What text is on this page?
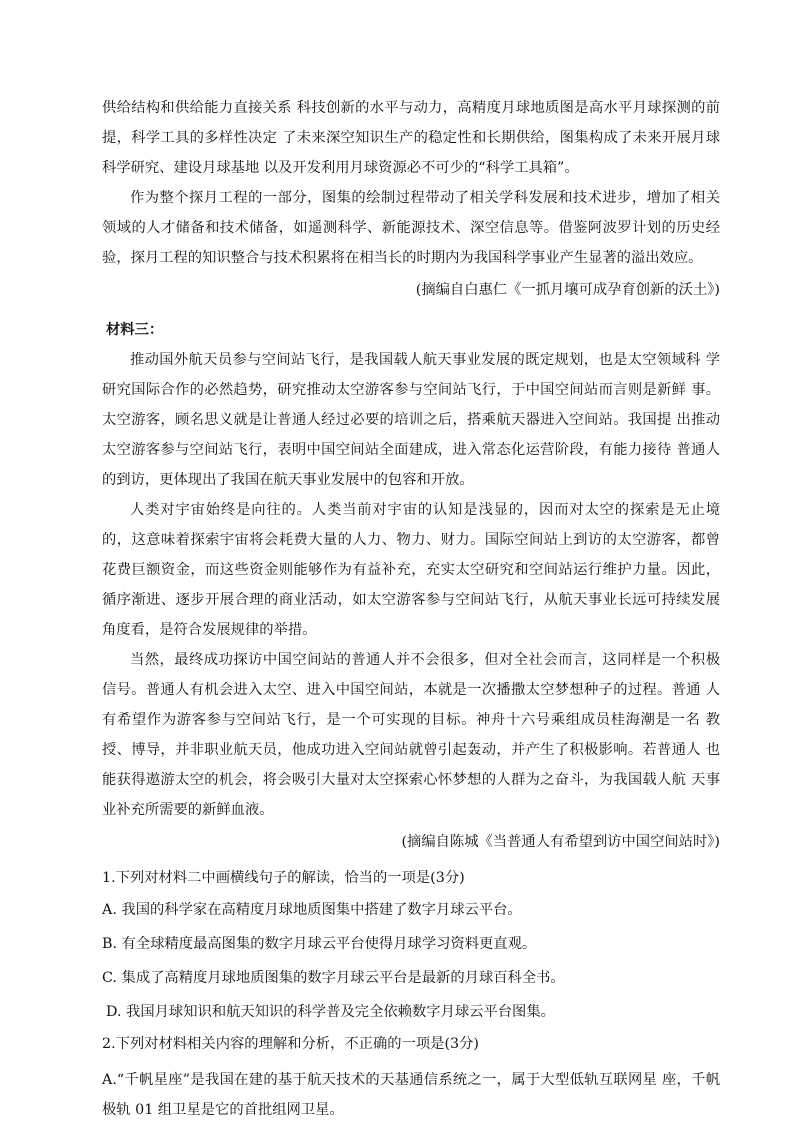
供给结构和供给能力直接关系 科技创新的水平与动力，高精度月球地质图是高水平月球探测的前提，科学工具的多样性决定 了未来深空知识生产的稳定性和长期供给，图集构成了未来开展月球科学研究、建设月球基地 以及开发利用月球资源必不可少的“科学工具箱”。

作为整个探月工程的一部分，图集的绘制过程带动了相关学科发展和技术进步，增加了相关 领域的人才储备和技术储备，如遥测科学、新能源技术、深空信息等。借鉴阿波罗计划的历史经 验，探月工程的知识整合与技术积累将在相当长的时期内为我国科学事业产生显著的溢出效应。

(摘编自白惠仁《一抓月壤可成孕育创新的沃土》)

材料三：

推动国外航天员参与空间站飞行，是我国载人航天事业发展的既定规划，也是太空领域科 学研究国际合作的必然趋势，研究推动太空游客参与空间站飞行，于中国空间站而言则是新鲜 事。太空游客，顾名思义就是让普通人经过必要的培训之后，搭乘航天器进入空间站。我国提 出推动太空游客参与空间站飞行，表明中国空间站全面建成，进入常态化运营阶段，有能力接待 普通人的到访，更体现出了我国在航天事业发展中的包容和开放。

人类对宇宙始终是向往的。人类当前对宇宙的认知是浅显的，因而对太空的探索是无止境 的，这意味着探索宇宙将会耗费大量的人力、物力、财力。国际空间站上到访的太空游客，都曾 花费巨额资金，而这些资金则能够作为有益补充，充实太空研究和空间站运行维护力量。因此， 循序渐进、逐步开展合理的商业活动，如太空游客参与空间站飞行，从航天事业长远可持续发展 角度看，是符合发展规律的举措。

当然，最终成功探访中国空间站的普通人并不会很多，但对全社会而言，这同样是一个积极 信号。普通人有机会进入太空、进入中国空间站，本就是一次播撒太空梦想种子的过程。普通 人有希望作为游客参与空间站飞行，是一个可实现的目标。神舟十六号乘组成员桂海潮是一名 教授、博导，并非职业航天员，他成功进入空间站就曾引起轰动，并产生了积极影响。若普通人 也能获得遨游太空的机会，将会吸引大量对太空探索心怀梦想的人群为之奋斗，为我国载人航 天事业补充所需要的新鲜血液。

(摘编自陈城《当普通人有希望到访中国空间站时》)

1.下列对材料二中画横线句子的解读，恰当的一项是(3分)

A. 我国的科学家在高精度月球地质图集中搭建了数字月球云平台。

B. 有全球精度最高图集的数字月球云平台使得月球学习资料更直观。

C. 集成了高精度月球地质图集的数字月球云平台是最新的月球百科全书。

D. 我国月球知识和航天知识的科学普及完全依赖数字月球云平台图集。

2.下列对材料相关内容的理解和分析，不正确的一项是(3分)

A.“千帆星座”是我国在建的基于航天技术的天基通信系统之一，属于大型低轨互联网星 座，千帆极轨 01 组卫星是它的首批组网卫星。
